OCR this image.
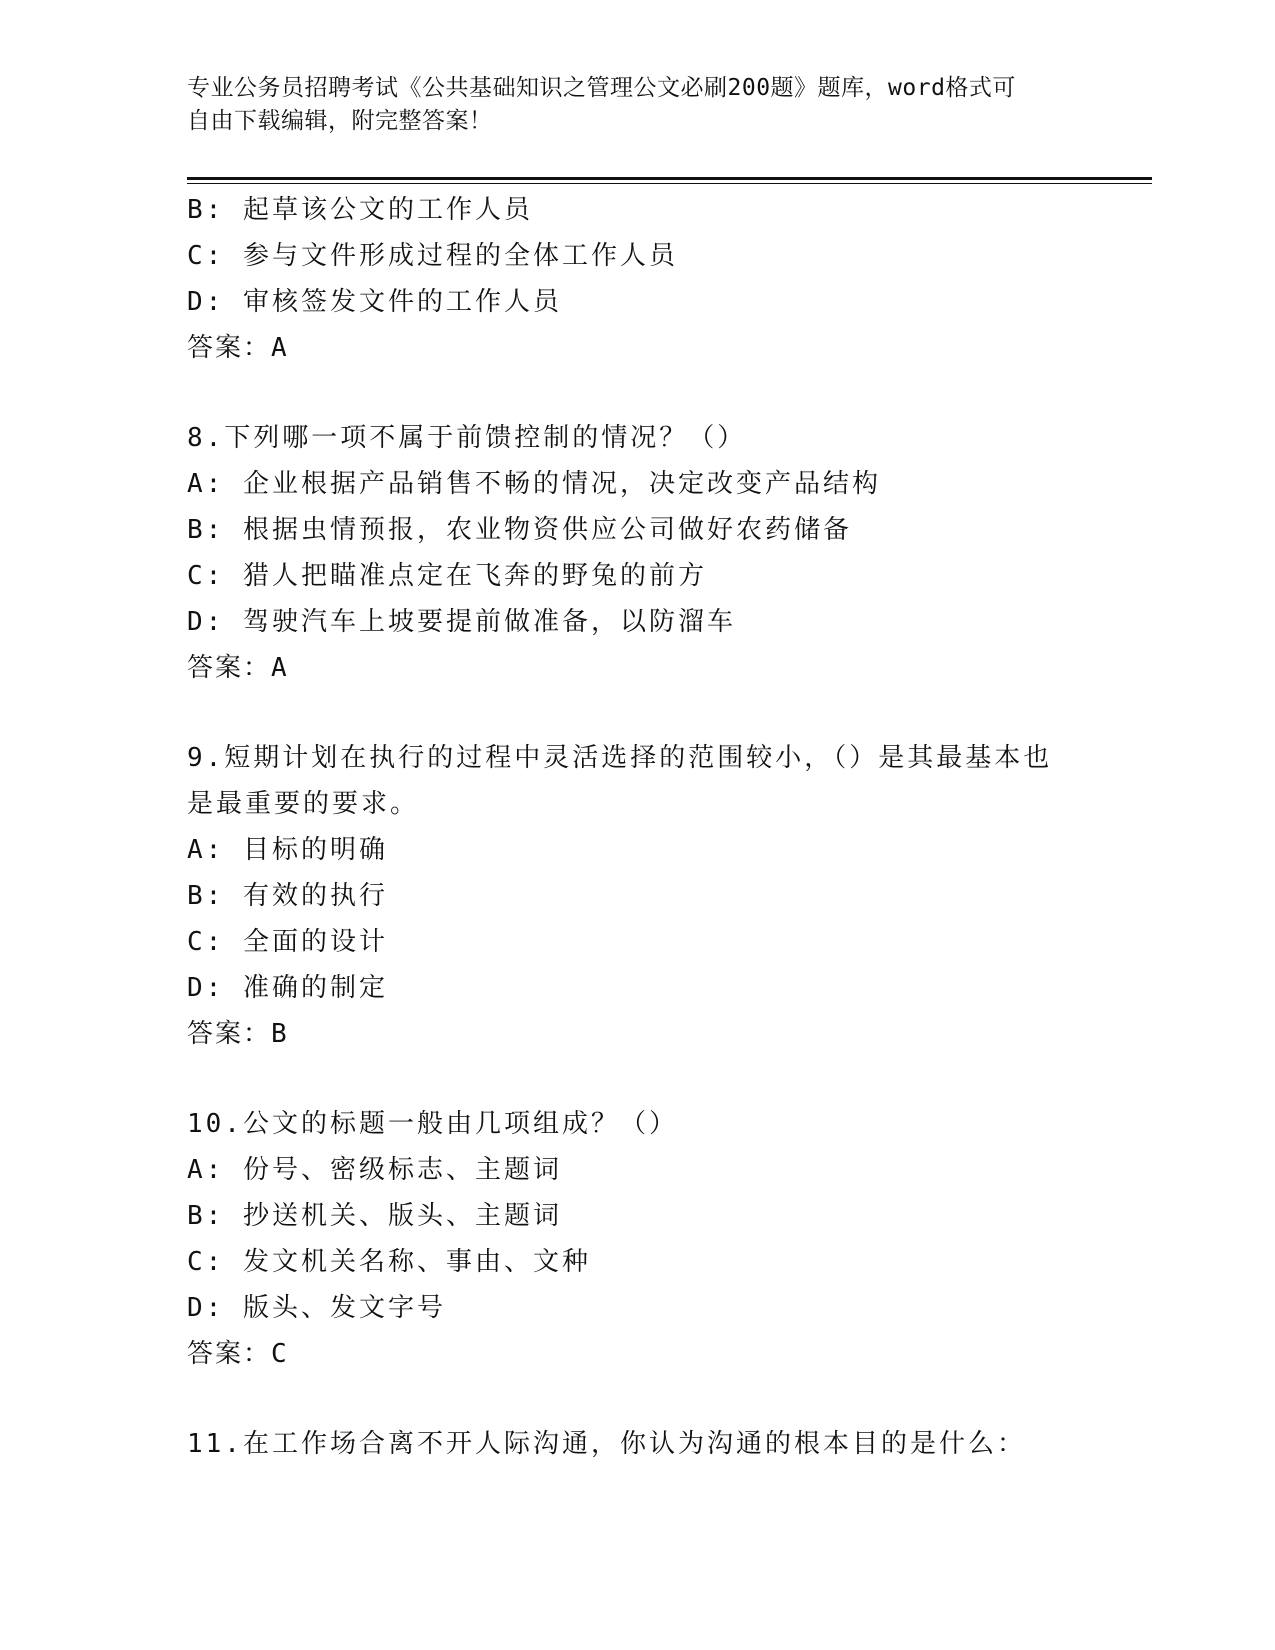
专业公务员招聘考试《公共基础知识之管理公文必刷200题》题库，word格式可
自由下载编辑，附完整答案！
B: 起草该公文的工作人员
C: 参与文件形成过程的全体工作人员
D: 审核签发文件的工作人员
答案：A
8.下列哪一项不属于前馈控制的情况？（）
A: 企业根据产品销售不畅的情况，决定改变产品结构
B: 根据虫情预报，农业物资供应公司做好农药储备
C: 猎人把瞄准点定在飞奔的野兔的前方
D: 驾驶汽车上坡要提前做准备，以防溜车
答案：A
9.短期计划在执行的过程中灵活选择的范围较小，（）是其最基本也
是最重要的要求。
A: 目标的明确
B: 有效的执行
C: 全面的设计
D: 准确的制定
答案：B
10.公文的标题一般由几项组成？（）
A: 份号、密级标志、主题词
B: 抄送机关、版头、主题词
C: 发文机关名称、事由、文种
D: 版头、发文字号
答案：C
11.在工作场合离不开人际沟通，你认为沟通的根本目的是什么：
